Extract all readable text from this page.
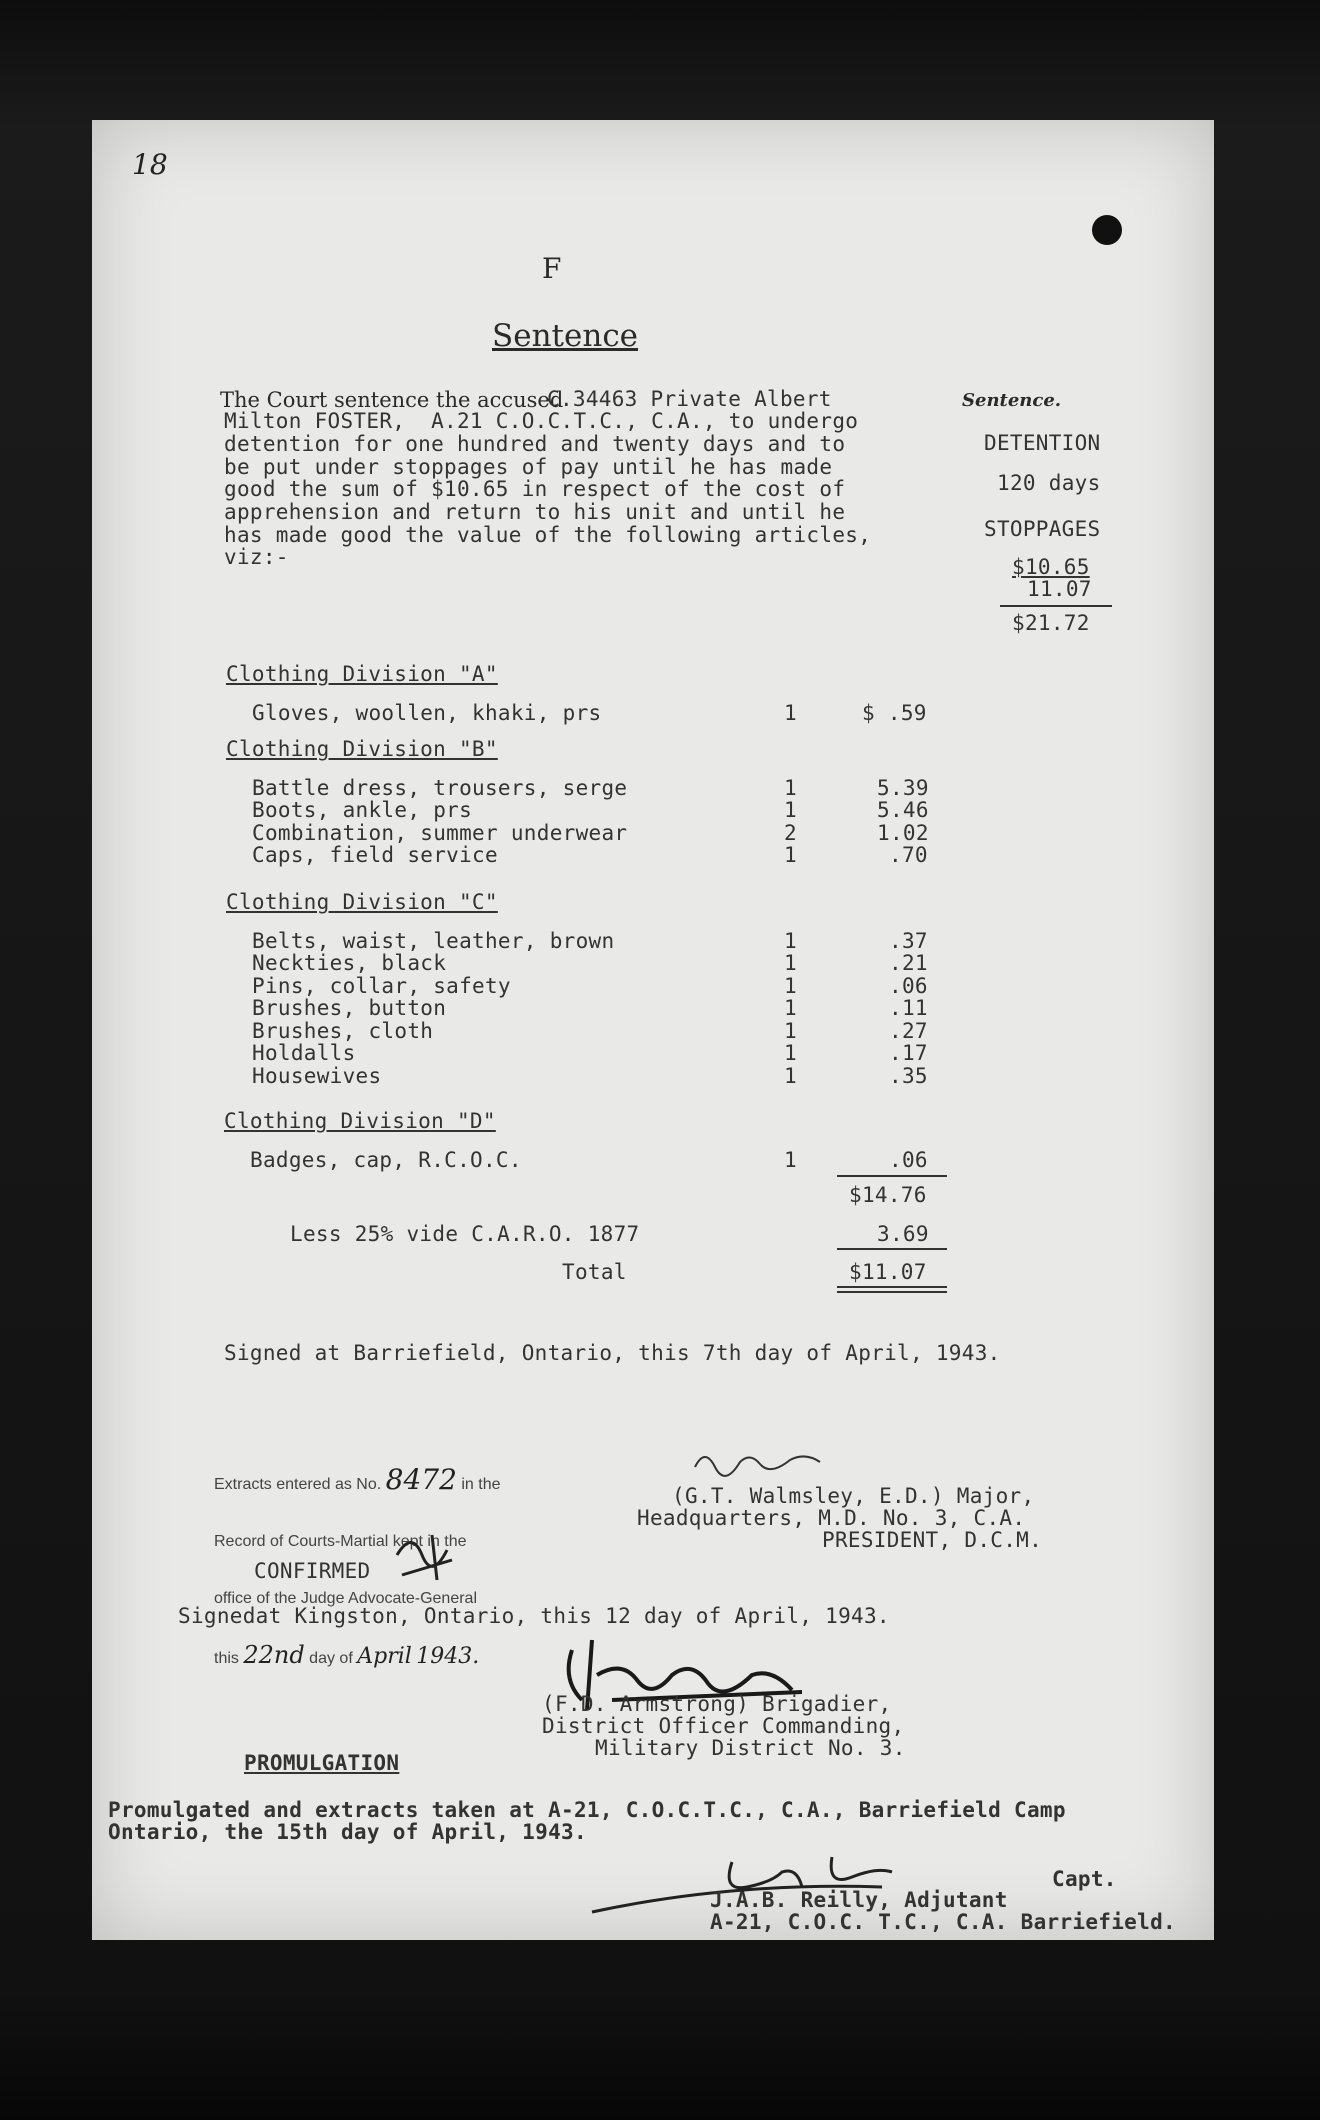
18
F
Sentence
The Court sentence the accused
C.34463 Private Albert
Milton FOSTER,  A.21 C.O.C.T.C., C.A., to undergo
detention for one hundred and twenty days and to
be put under stoppages of pay until he has made
good the sum of $10.65 in respect of the cost of
apprehension and return to his unit and until he
has made good the value of the following articles,
viz:-
Sentence.
DETENTION
120 days
STOPPAGES
$10.65
11.07
$21.72
Clothing Division "A"
Gloves, woollen, khaki, prs	1	$ .59
Clothing Division "B"
Battle dress, trousers, serge	1	5.39
Boots, ankle, prs	1	5.46
Combination, summer underwear	2	1.02
Caps, field service	1	.70
Clothing Division "C"
Belts, waist, leather, brown	1	.37
Neckties, black	1	.21
Pins, collar, safety	1	.06
Brushes, button	1	.11
Brushes, cloth	1	.27
Holdalls	1	.17
Housewives	1	.35
Clothing Division "D"
Badges, cap, R.C.O.C.	1	.06
$14.76
Less 25% vide C.A.R.O. 1877	3.69
Total	$11.07
Signed at Barriefield, Ontario, this 7th day of April, 1943.

Extracts entered as No. 8472 in the

Record of Courts-Martial kept in the

office of the Judge Advocate-General

this 22nd day of April 1943.

(G.T. Walmsley, E.D.) Major,
Headquarters, M.D. No. 3, C.A.
PRESIDENT, D.C.M.
CONFIRMED
Signedat Kingston, Ontario, this 12 day of April, 1943.
(F.D. Armstrong) Brigadier,
District Officer Commanding,
Military District No. 3.
PROMULGATION
Promulgated and extracts taken at A-21, C.O.C.T.C., C.A., Barriefield Camp
Ontario, the 15th day of April, 1943.
Capt.
J.A.B. Reilly, Adjutant
A-21, C.O.C. T.C., C.A. Barriefield.
